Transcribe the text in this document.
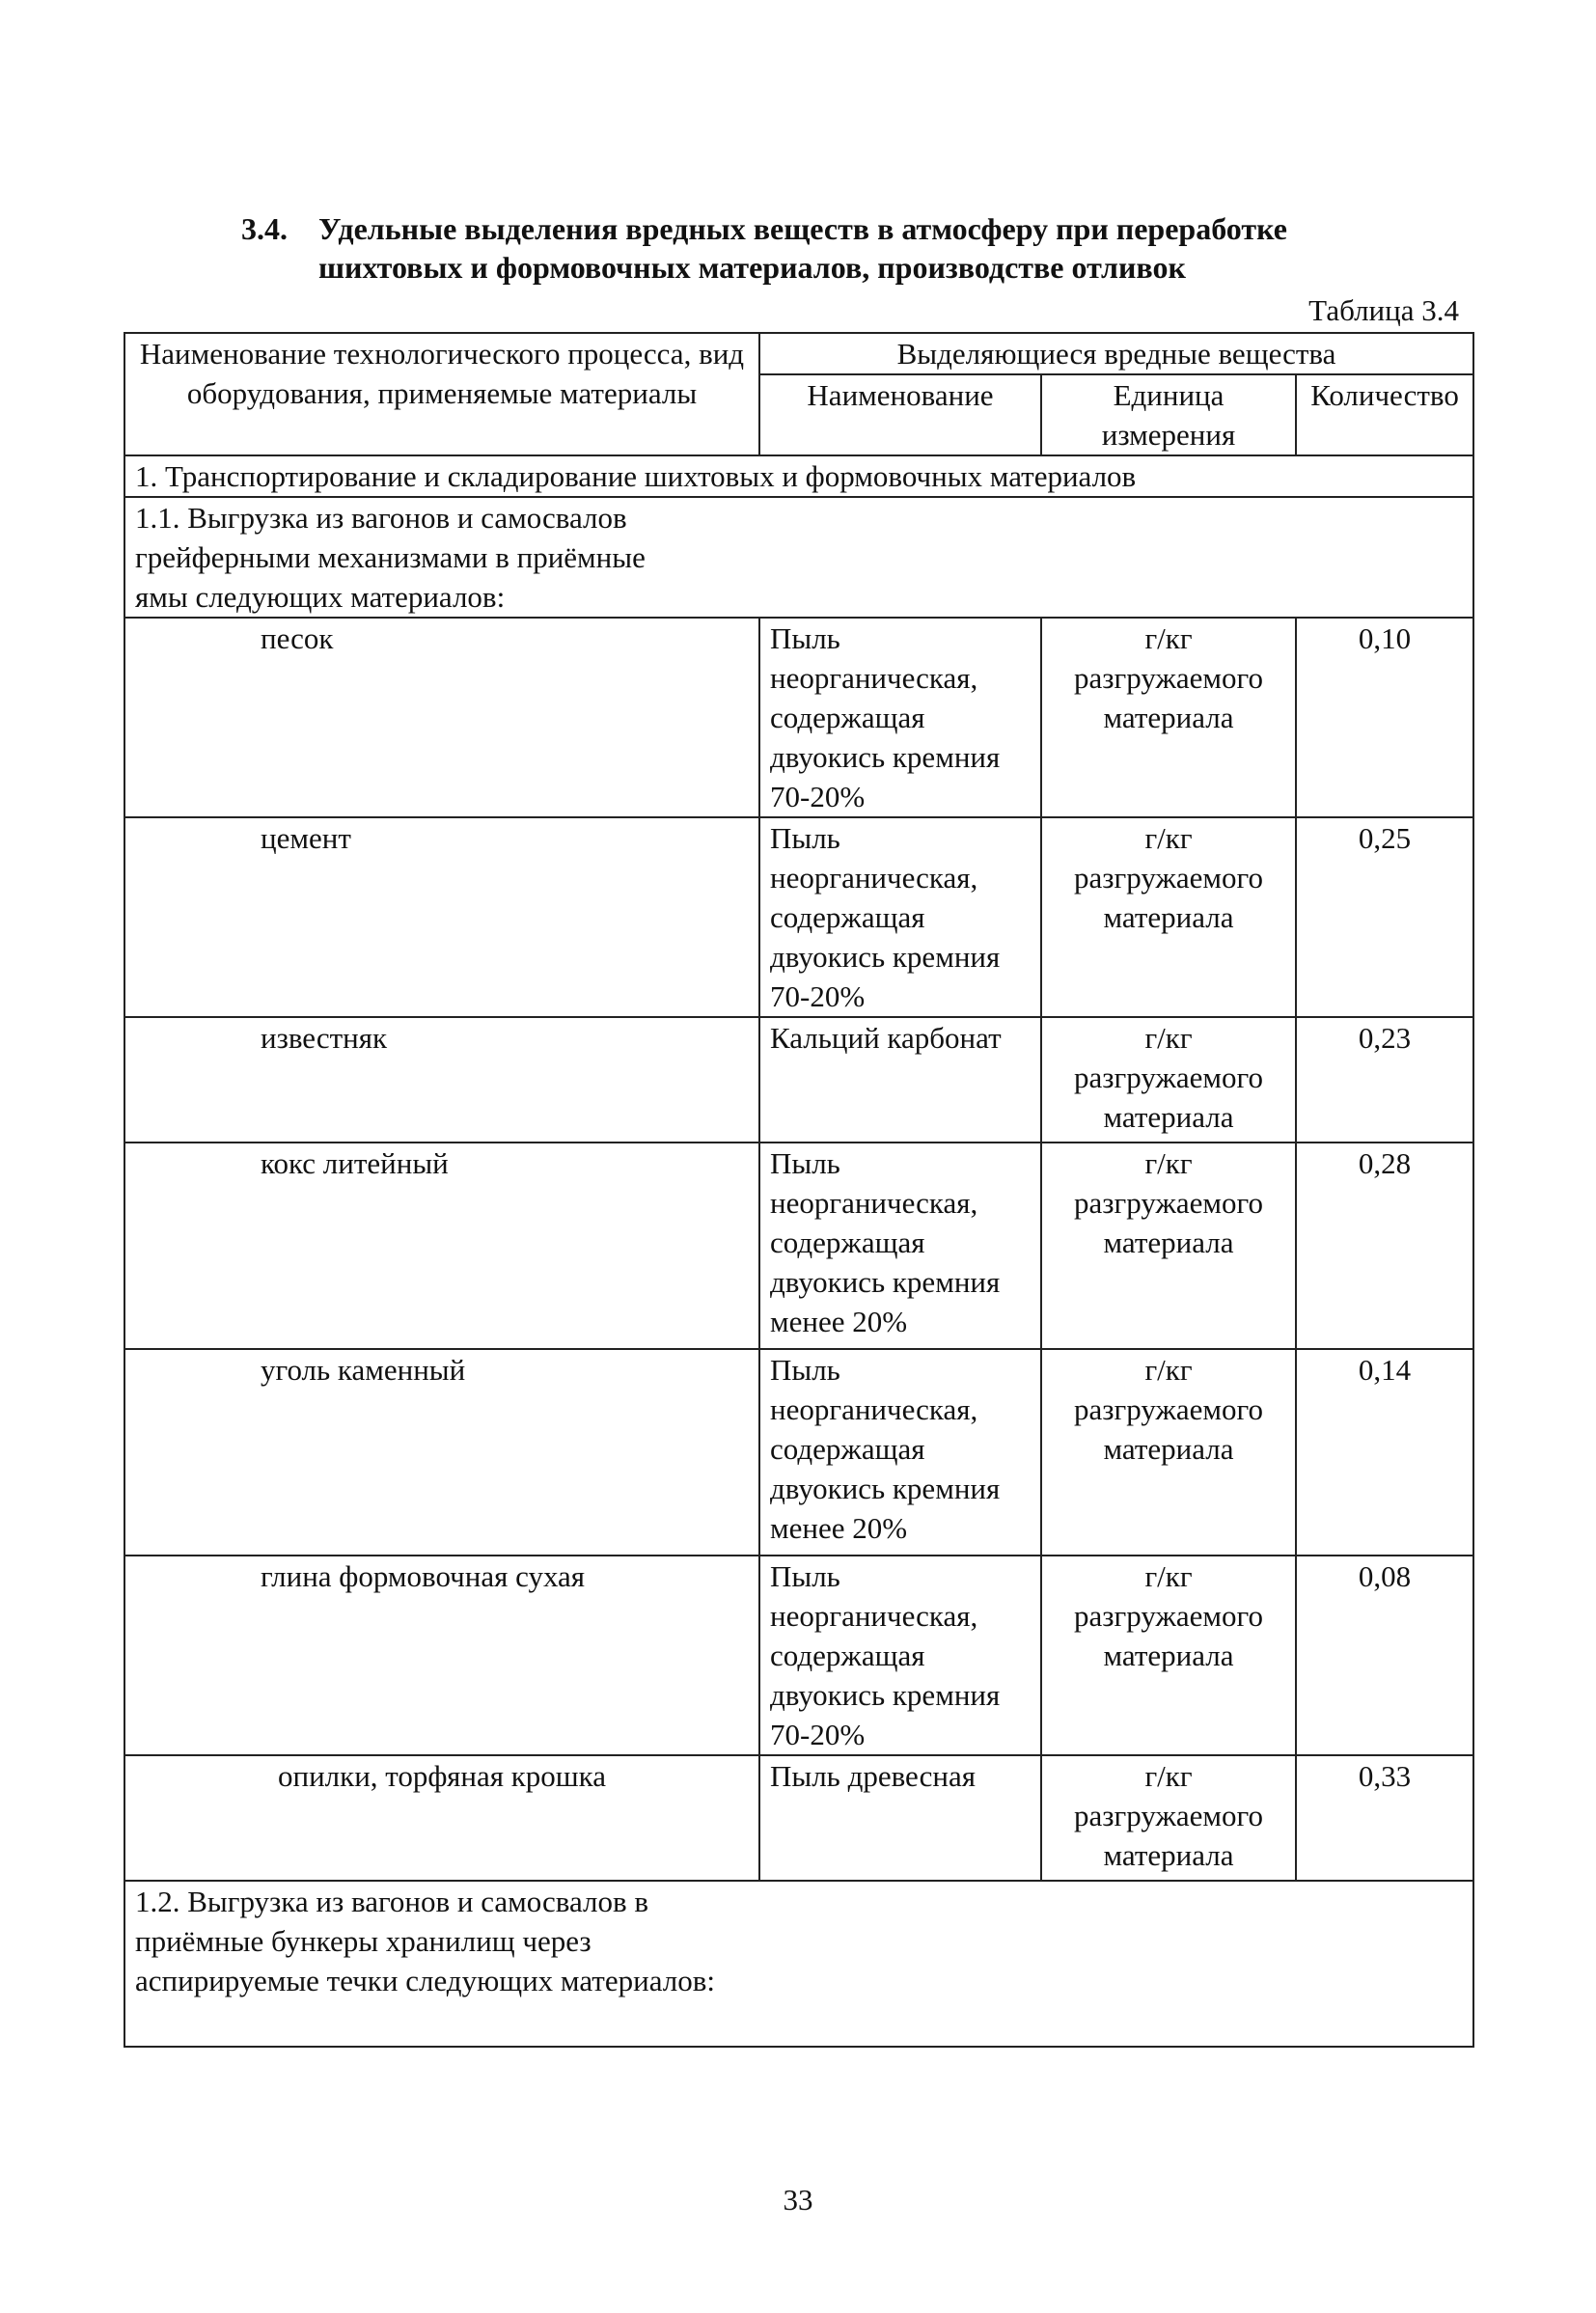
3.4. Удельные выделения вредных веществ в атмосферу при переработке
шихтовых и формовочных материалов, производстве отливок
Таблица 3.4
Наименование технологического процесса, вид оборудования, применяемые материалы	Выделяющиеся вредные вещества		
	Наименование	Единица измерения	Количество
1. Транспортирование и складирование шихтовых и формовочных материалов			

1.1. Выгрузка из вагонов и самосвалов грейферными механизмами в приёмные ямы следующих материалов:			

песок	Пыль неорганическая, содержащая двуокись кремния 70-20%	г/кг разгружаемого материала	0,10
цемент	Пыль неорганическая, содержащая двуокись кремния 70-20%	г/кг разгружаемого материала	0,25
известняк	Кальций карбонат	г/кг разгружаемого материала	0,23
кокс литейный	Пыль неорганическая, содержащая двуокись кремния менее 20%	г/кг разгружаемого материала	0,28
уголь каменный	Пыль неорганическая, содержащая двуокись кремния менее 20%	г/кг разгружаемого материала	0,14
глина формовочная сухая	Пыль неорганическая, содержащая двуокись кремния 70-20%	г/кг разгружаемого материала	0,08
опилки, торфяная крошка	Пыль древесная	г/кг разгружаемого материала	0,33

1.2. Выгрузка из вагонов и самосвалов в приёмные бункеры хранилищ через аспирируемые течки следующих материалов:			
33
